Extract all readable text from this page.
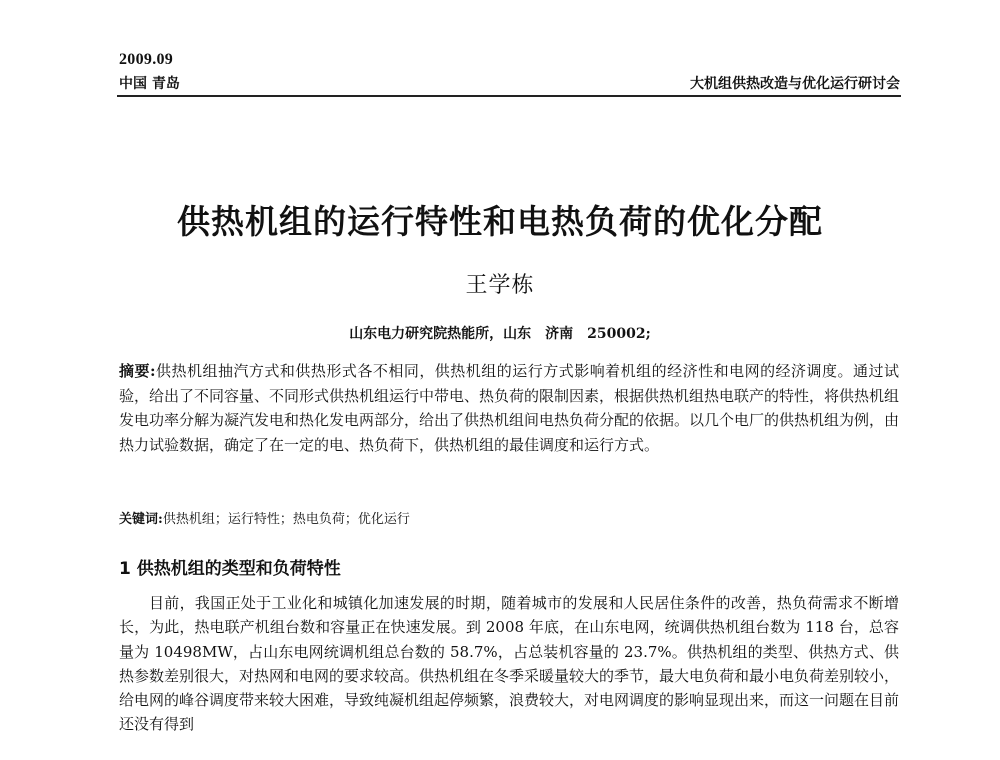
2009.09
中国 青岛	大机组供热改造与优化运行研讨会
供热机组的运行特性和电热负荷的优化分配
王学栋
山东电力研究院热能所，山东　济南　250002;
摘要:供热机组抽汽方式和供热形式各不相同，供热机组的运行方式影响着机组的经济性和电网的经济调度。通过试验，给出了不同容量、不同形式供热机组运行中带电、热负荷的限制因素，根据供热机组热电联产的特性，将供热机组发电功率分解为凝汽发电和热化发电两部分，给出了供热机组间电热负荷分配的依据。以几个电厂的供热机组为例，由热力试验数据，确定了在一定的电、热负荷下，供热机组的最佳调度和运行方式。
关键词:供热机组；运行特性；热电负荷；优化运行
1 供热机组的类型和负荷特性
目前，我国正处于工业化和城镇化加速发展的时期，随着城市的发展和人民居住条件的改善，热负荷需求不断增长，为此，热电联产机组台数和容量正在快速发展。到 2008 年底，在山东电网，统调供热机组台数为 118 台，总容量为 10498MW，占山东电网统调机组总台数的 58.7%，占总装机容量的 23.7%。供热机组的类型、供热方式、供热参数差别很大，对热网和电网的要求较高。供热机组在冬季采暖量较大的季节，最大电负荷和最小电负荷差别较小，给电网的峰谷调度带来较大困难，导致纯凝机组起停频繁，浪费较大，对电网调度的影响显现出来，而这一问题在目前还没有得到
